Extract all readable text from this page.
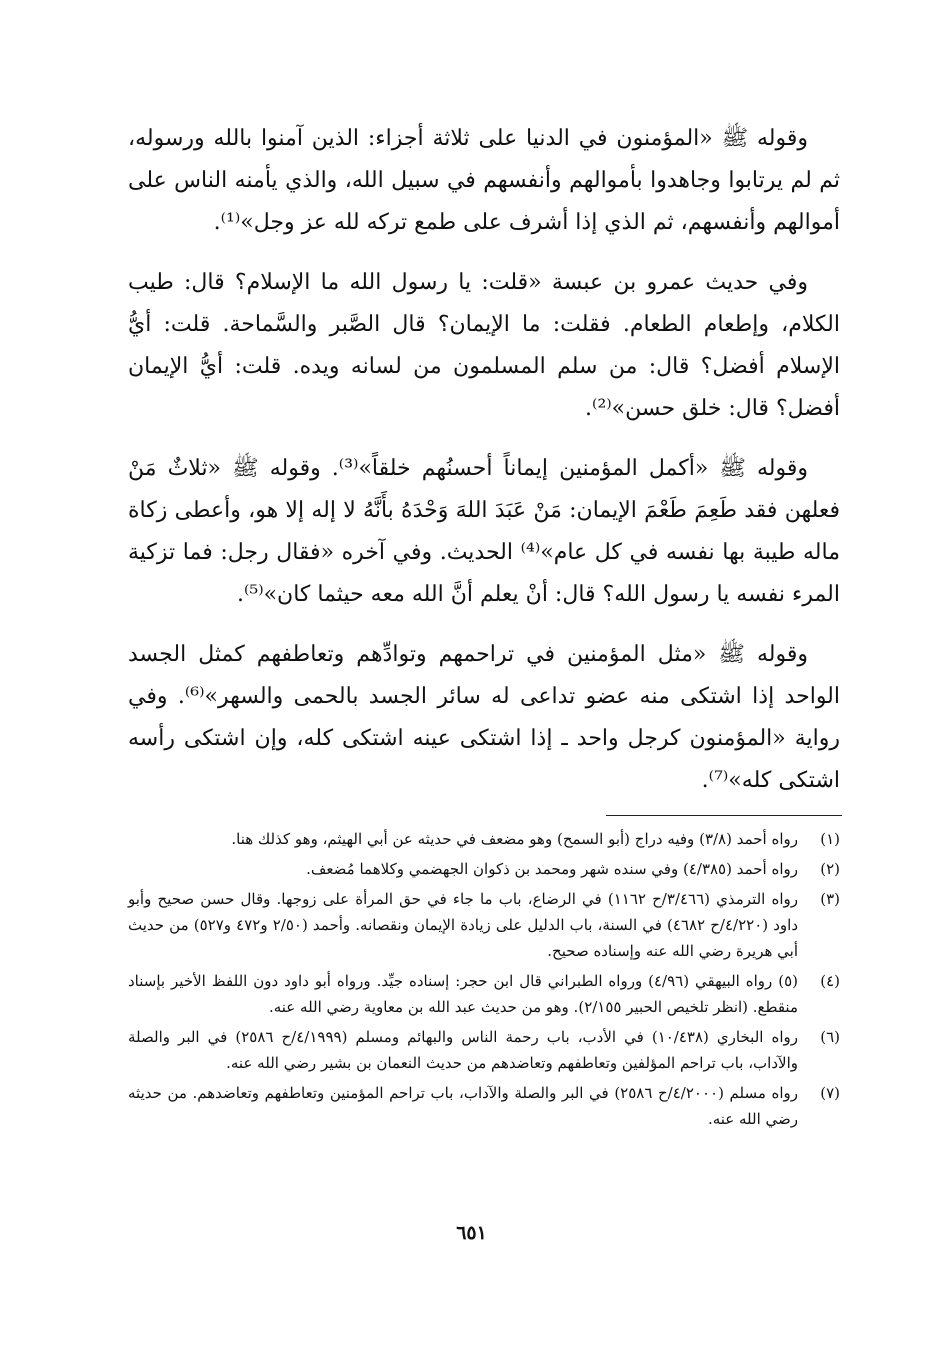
وقوله ﷺ «المؤمنون في الدنيا على ثلاثة أجزاء: الذين آمنوا بالله ورسوله، ثم لم يرتابوا وجاهدوا بأموالهم وأنفسهم في سبيل الله، والذي يأمنه الناس على أموالهم وأنفسهم، ثم الذي إذا أشرف على طمع تركه لله عز وجل»⁽¹⁾.

وفي حديث عمرو بن عبسة «قلت: يا رسول الله ما الإسلام؟ قال: طيب الكلام، وإطعام الطعام. فقلت: ما الإيمان؟ قال الصَّبر والسَّماحة. قلت: أيُّ الإسلام أفضل؟ قال: من سلم المسلمون من لسانه ويده. قلت: أيُّ الإيمان أفضل؟ قال: خلق حسن»⁽²⁾.

وقوله ﷺ «أكمل المؤمنين إيماناً أحسنُهم خلقاً»⁽³⁾. وقوله ﷺ «ثلاثٌ مَنْ فعلهن فقد طَعِمَ طَعْمَ الإيمان: مَنْ عَبَدَ اللهَ وَحْدَهُ بأَنَّهُ لا إله إلا هو، وأعطى زكاة ماله طيبة بها نفسه في كل عام»⁽⁴⁾ الحديث. وفي آخره «فقال رجل: فما تزكية المرء نفسه يا رسول الله؟ قال: أنْ يعلم أنَّ الله معه حيثما كان»⁽⁵⁾.

وقوله ﷺ «مثل المؤمنين في تراحمهم وتوادِّهم وتعاطفهم كمثل الجسد الواحد إذا اشتكى منه عضو تداعى له سائر الجسد بالحمى والسهر»⁽⁶⁾. وفي رواية «المؤمنون كرجل واحد ـ إذا اشتكى عينه اشتكى كله، وإن اشتكى رأسه اشتكى كله»⁽⁷⁾.

(١)
رواه أحمد (٣/٨) وفيه دراج (أبو السمح) وهو مضعف في حديثه عن أبي الهيثم، وهو كذلك هنا.
(٢)
رواه أحمد (٤/٣٨٥) وفي سنده شهر ومحمد بن ذكوان الجهضمي وكلاهما مُضعف.
(٣)
رواه الترمذي (٣/٤٦٦/ح ١١٦٢) في الرضاع، باب ما جاء في حق المرأة على زوجها. وقال حسن صحيح وأبو داود (٤/٢٢٠/ح ٤٦٨٢) في السنة، باب الدليل على زيادة الإيمان ونقصانه. وأحمد (٢/٥٠ و٤٧٢ و٥٢٧) من حديث أبي هريرة رضي الله عنه وإسناده صحيح.
(٤)
(٥) رواه البيهقي (٤/٩٦) ورواه الطبراني قال ابن حجر: إسناده جيِّد. ورواه أبو داود دون اللفظ الأخير بإسناد منقطع. (انظر تلخيص الحبير ٢/١٥٥). وهو من حديث عبد الله بن معاوية رضي الله عنه.
(٦)
رواه البخاري (١٠/٤٣٨) في الأدب، باب رحمة الناس والبهائم ومسلم (٤/١٩٩٩/ح ٢٥٨٦) في البر والصلة والآداب، باب تراحم المؤلفين وتعاطفهم وتعاضدهم من حديث النعمان بن بشير رضي الله عنه.
(٧)
رواه مسلم (٤/٢٠٠٠/ح ٢٥٨٦) في البر والصلة والآداب، باب تراحم المؤمنين وتعاطفهم وتعاضدهم. من حديثه رضي الله عنه.
٦٥١
